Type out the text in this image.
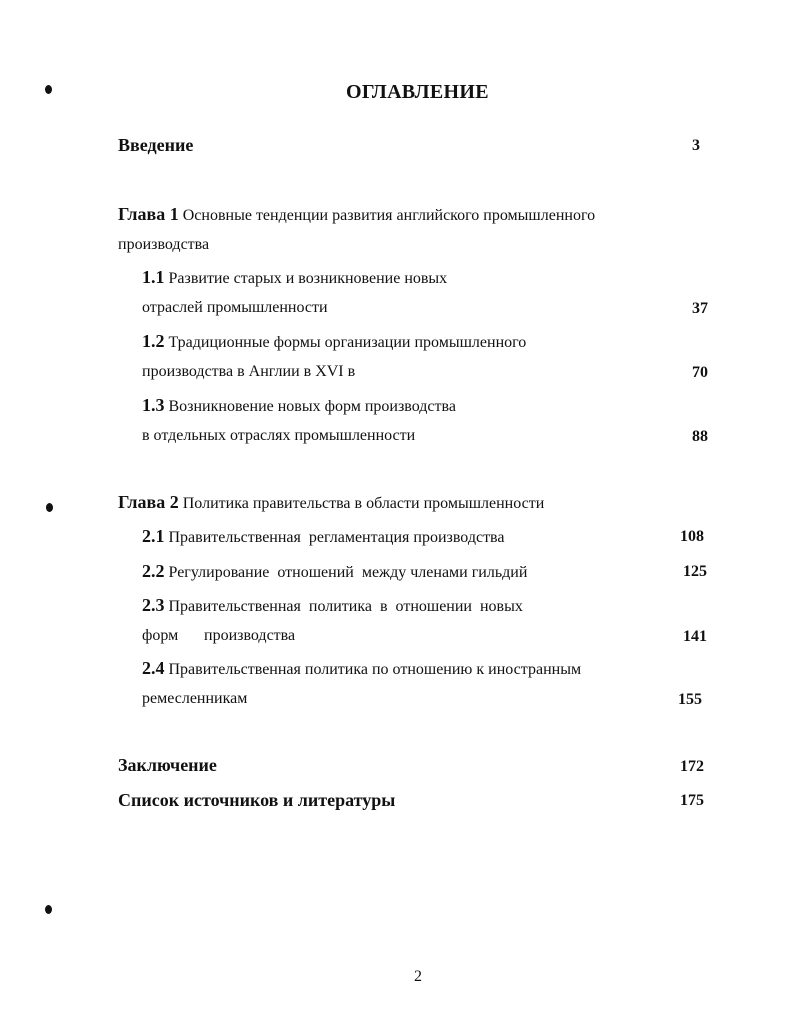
ОГЛАВЛЕНИЕ
Введение	3
Глава 1 Основные тенденции развития английского промышленного
производства
1.1 Развитие старых и возникновение новых
отраслей промышленности	37
1.2 Традиционные формы организации промышленного
производства в Англии в XVI в	70
1.3 Возникновение новых форм производства
в отдельных отраслях промышленности	88
Глава 2 Политика правительства в области промышленности
2.1 Правительственная  регламентация производства	108
2.2 Регулирование  отношений  между членами гильдий	125
2.3 Правительственная  политика  в  отношении  новых
форм производства	141
2.4 Правительственная политика по отношению к иностранным
ремесленникам	155
Заключение	172
Список источников и литературы	175
2
